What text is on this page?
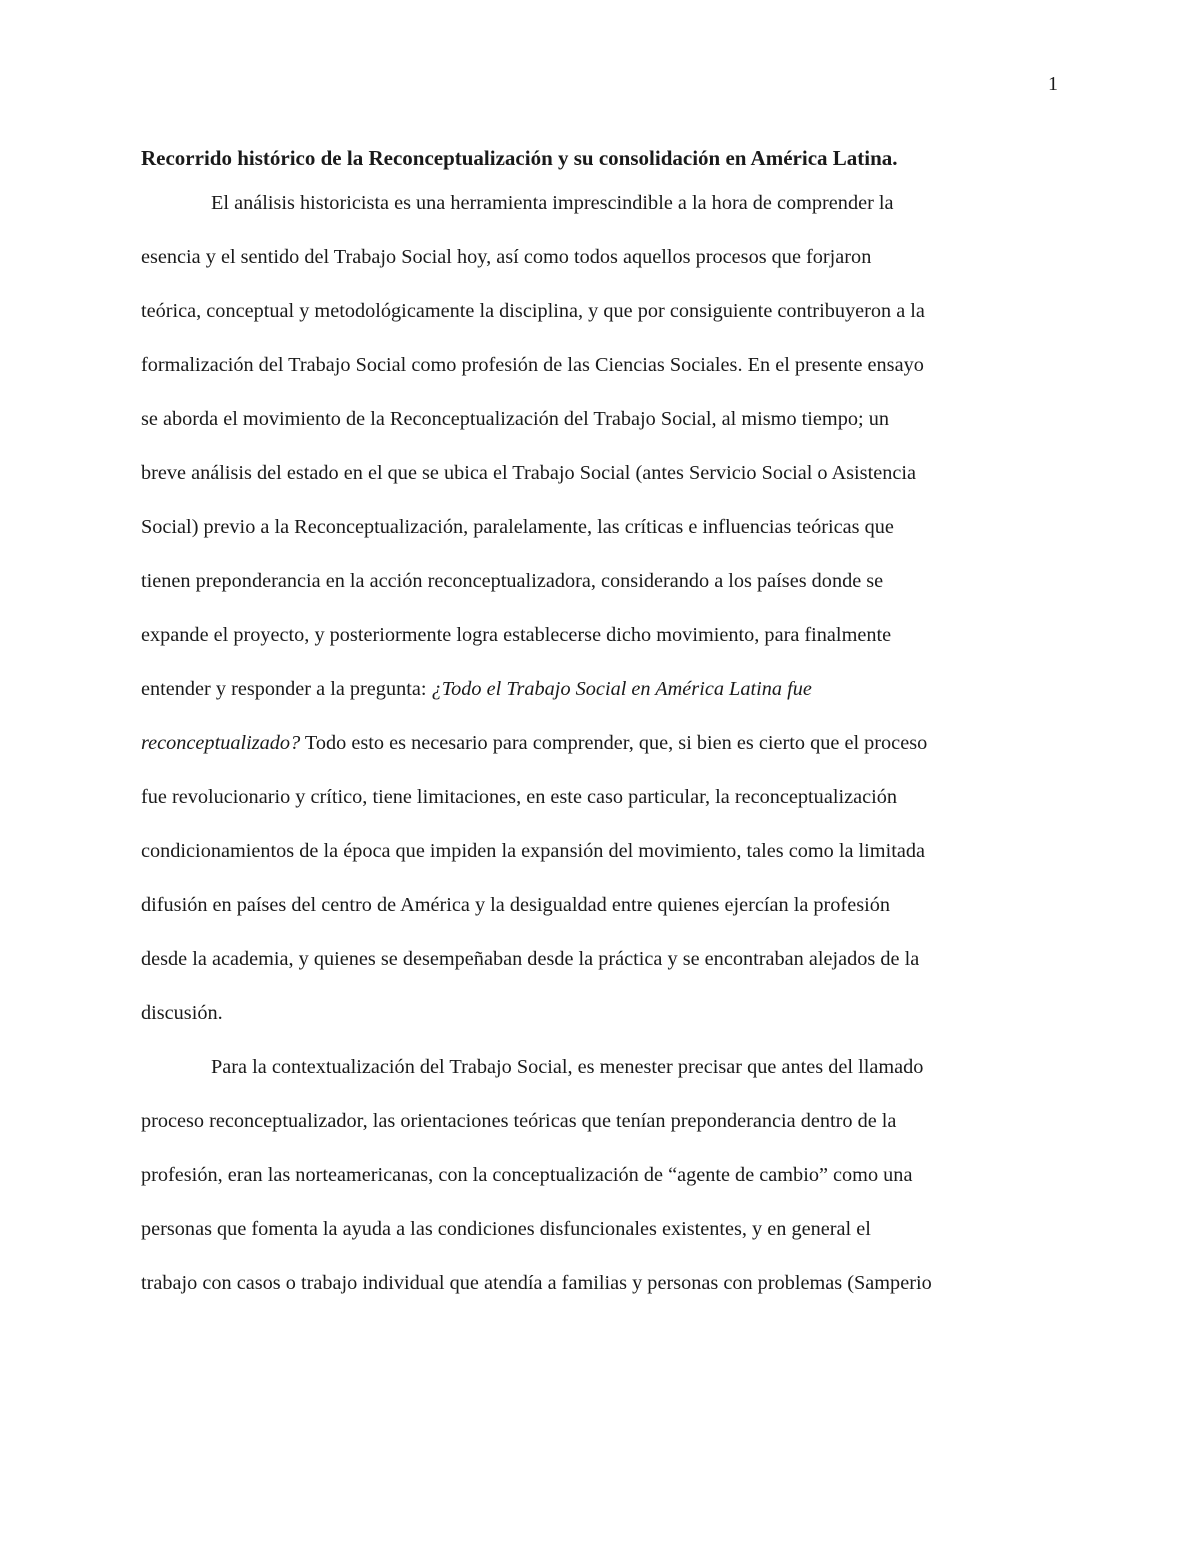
1
Recorrido histórico de la Reconceptualización y su consolidación en América Latina.
El análisis historicista es una herramienta imprescindible a la hora de comprender la
esencia y el sentido del Trabajo Social hoy, así como todos aquellos procesos que forjaron
teórica, conceptual y metodológicamente la disciplina, y que por consiguiente contribuyeron a la
formalización del Trabajo Social como profesión de las Ciencias Sociales. En el presente ensayo
se aborda el movimiento de la Reconceptualización del Trabajo Social, al mismo tiempo; un
breve análisis del estado en el que se ubica el Trabajo Social (antes Servicio Social o Asistencia
Social) previo a la Reconceptualización, paralelamente, las críticas e influencias teóricas que
tienen preponderancia en la acción reconceptualizadora, considerando a los países donde se
expande el proyecto, y posteriormente logra establecerse dicho movimiento, para finalmente
entender y responder a la pregunta: ¿Todo el Trabajo Social en América Latina fue
reconceptualizado? Todo esto es necesario para comprender, que, si bien es cierto que el proceso
fue revolucionario y crítico, tiene limitaciones, en este caso particular, la reconceptualización
condicionamientos de la época que impiden la expansión del movimiento, tales como la limitada
difusión en países del centro de América y la desigualdad entre quienes ejercían la profesión
desde la academia, y quienes se desempeñaban desde la práctica y se encontraban alejados de la
discusión.
Para la contextualización del Trabajo Social, es menester precisar que antes del llamado
proceso reconceptualizador, las orientaciones teóricas que tenían preponderancia dentro de la
profesión, eran las norteamericanas, con la conceptualización de “agente de cambio” como una
personas que fomenta la ayuda a las condiciones disfuncionales existentes, y en general el
trabajo con casos o trabajo individual que atendía a familias y personas con problemas (Samperio
